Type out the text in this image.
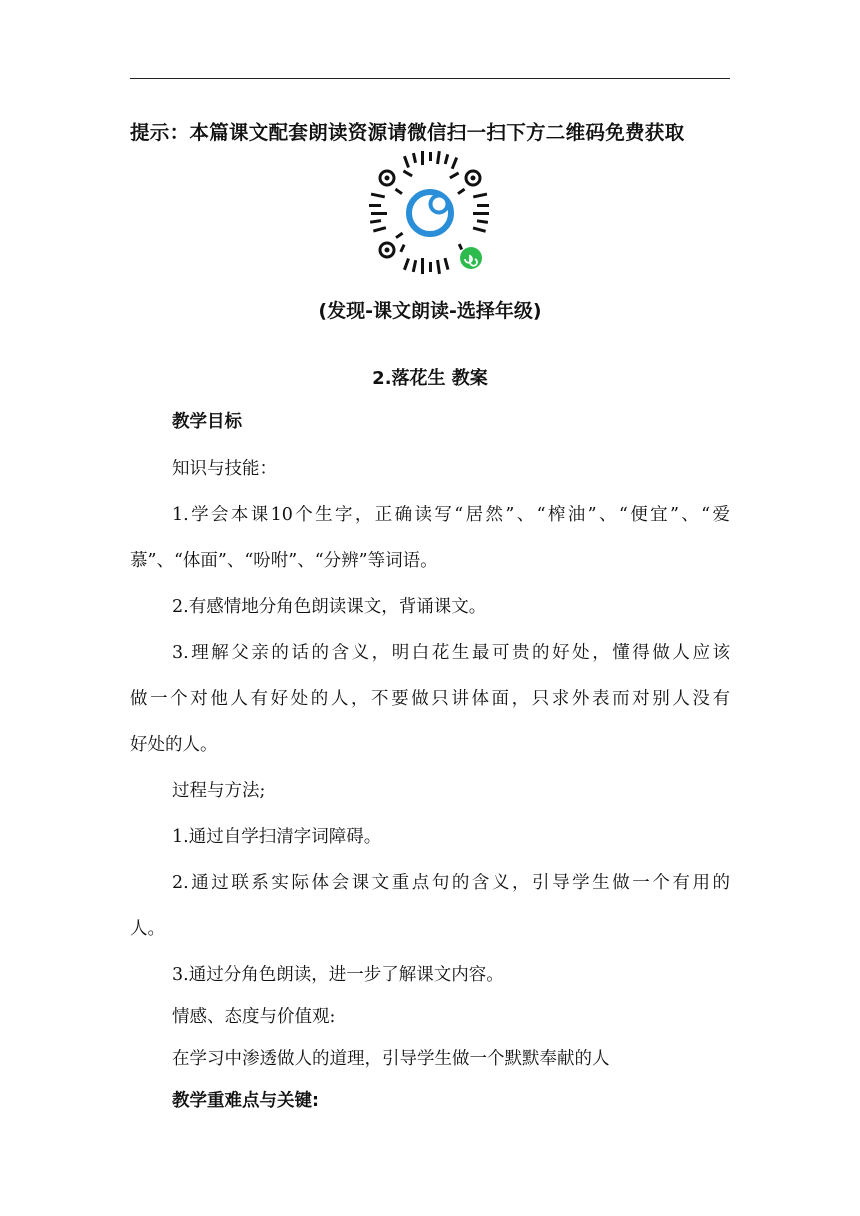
提示：本篇课文配套朗读资源请微信扫一扫下方二维码免费获取
(发现-课文朗读-选择年级)
2.落花生 教案
教学目标
知识与技能：
1.学会本课10个生字，正确读写“居然”、“榨油”、“便宜”、“爱
慕”、“体面”、“吩咐”、“分辨”等词语。
2.有感情地分角色朗读课文，背诵课文。
3.理解父亲的话的含义，明白花生最可贵的好处，懂得做人应该
做一个对他人有好处的人，不要做只讲体面，只求外表而对别人没有
好处的人。
过程与方法;
1.通过自学扫清字词障碍。
2.通过联系实际体会课文重点句的含义，引导学生做一个有用的
人。
3.通过分角色朗读，进一步了解课文内容。
情感、态度与价值观:
在学习中渗透做人的道理，引导学生做一个默默奉献的人
教学重难点与关键:
